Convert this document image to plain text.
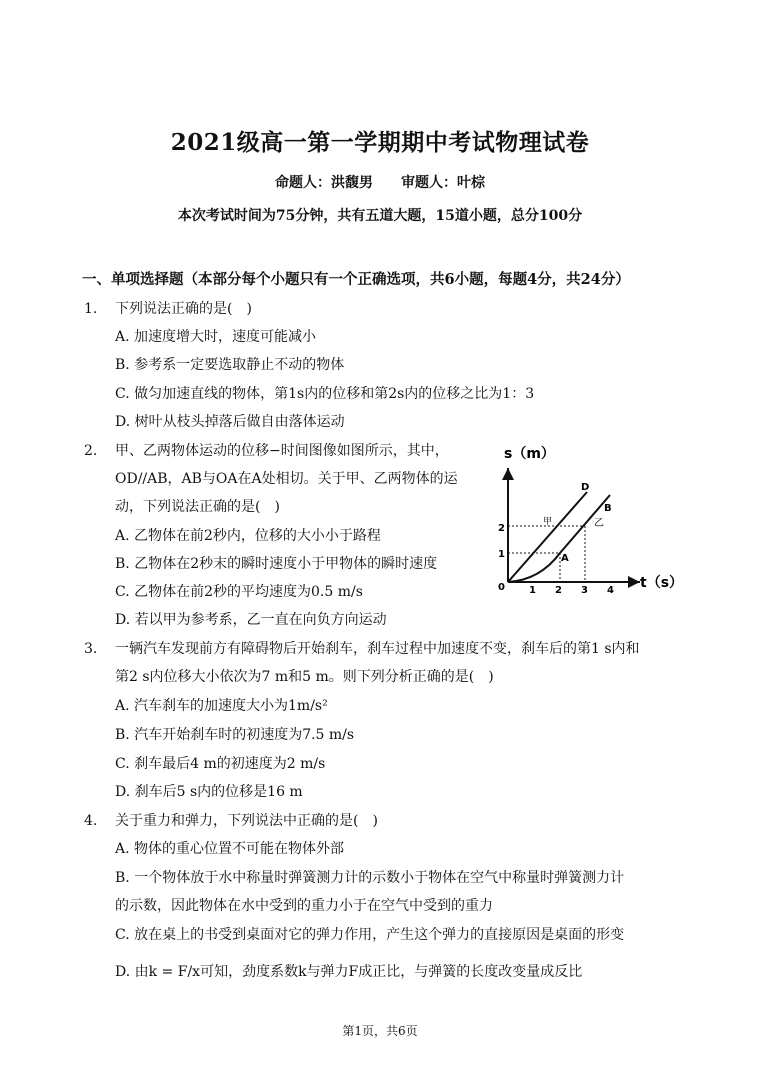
2021级高一第一学期期中考试物理试卷
命题人：洪馥男　　审题人：叶棕
本次考试时间为75分钟，共有五道大题，15道小题，总分100分
一、单项选择题（本部分每个小题只有一个正确选项，共6小题，每题4分，共24分）
1. 下列说法正确的是(　)
A. 加速度增大时，速度可能减小
B. 参考系一定要选取静止不动的物体
C. 做匀加速直线的物体，第1s内的位移和第2s内的位移之比为1：3
D. 树叶从枝头掉落后做自由落体运动
2. 甲、乙两物体运动的位移−时间图像如图所示，其中，
OD//AB，AB与OA在A处相切。关于甲、乙两物体的运
动，下列说法正确的是(　)
A. 乙物体在前2秒内，位移的大小小于路程
B. 乙物体在2秒末的瞬时速度小于甲物体的瞬时速度
C. 乙物体在前2秒的平均速度为0.5 m/s
D. 若以甲为参考系，乙一直在向负方向运动
s（m）
t（s）
0 1 2 3 4
1
2
D
B
A
甲	乙
3. 一辆汽车发现前方有障碍物后开始刹车，刹车过程中加速度不变，刹车后的第1 s内和
第2 s内位移大小依次为7 m和5 m。则下列分析正确的是(　)
A. 汽车刹车的加速度大小为1m/s²
B. 汽车开始刹车时的初速度为7.5 m/s
C. 刹车最后4 m的初速度为2 m/s
D. 刹车后5 s内的位移是16 m
4. 关于重力和弹力，下列说法中正确的是(　)
A. 物体的重心位置不可能在物体外部
B. 一个物体放于水中称量时弹簧测力计的示数小于物体在空气中称量时弹簧测力计
的示数，因此物体在水中受到的重力小于在空气中受到的重力
C. 放在桌上的书受到桌面对它的弹力作用，产生这个弹力的直接原因是桌面的形变
D. 由k = F/x可知，劲度系数k与弹力F成正比，与弹簧的长度改变量成反比
第1页，共6页
